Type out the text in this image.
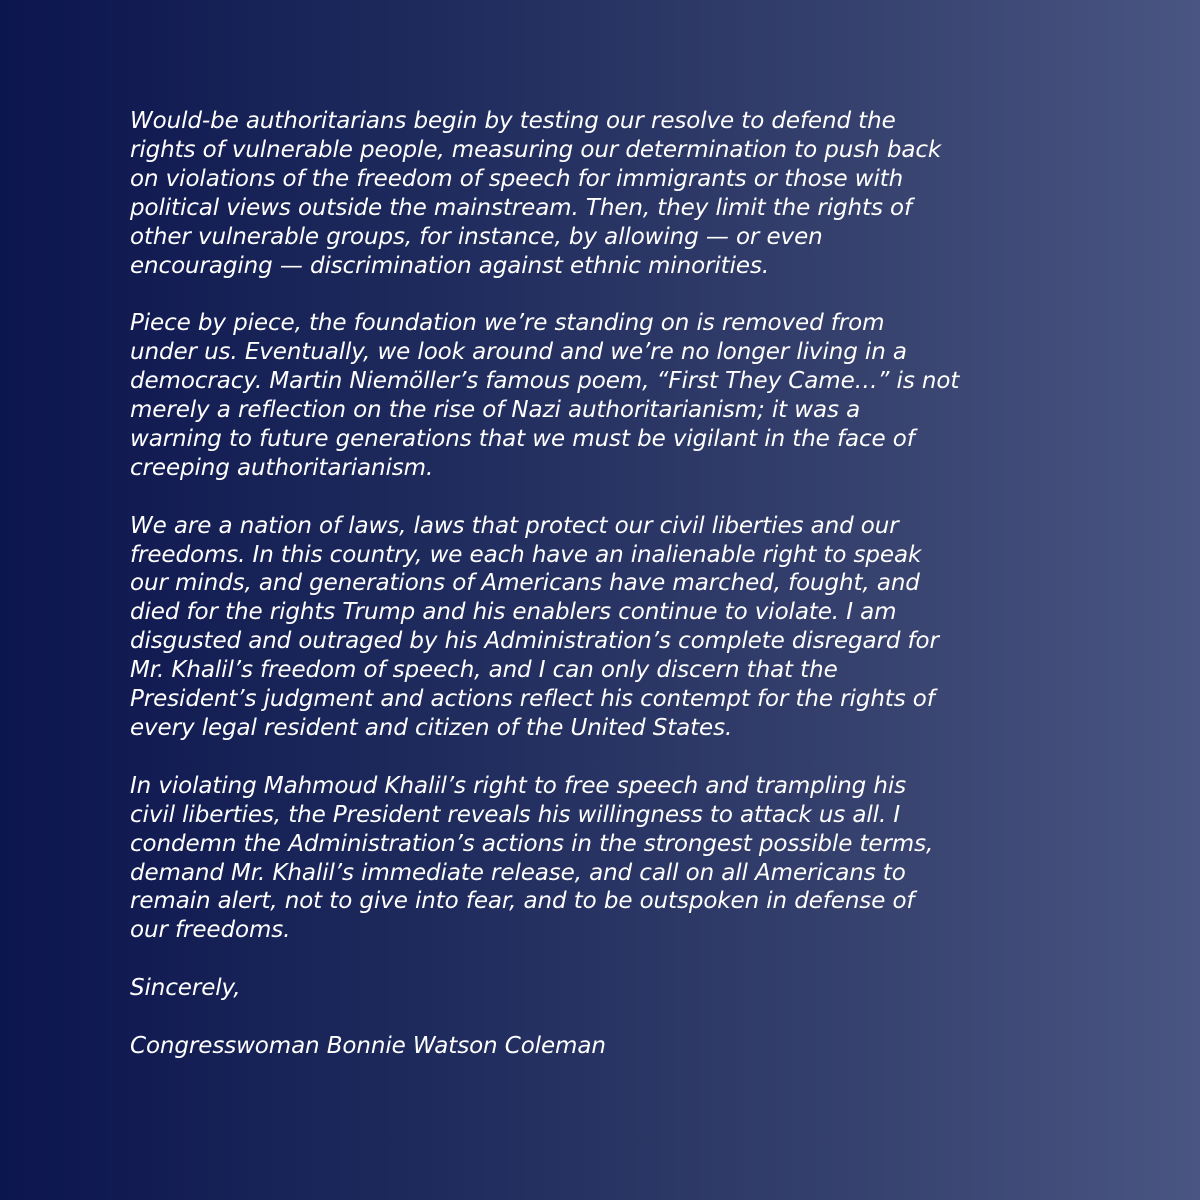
Would-be authoritarians begin by testing our resolve to defend the
rights of vulnerable people, measuring our determination to push back
on violations of the freedom of speech for immigrants or those with
political views outside the mainstream. Then, they limit the rights of
other vulnerable groups, for instance, by allowing — or even
encouraging — discrimination against ethnic minorities.

Piece by piece, the foundation we’re standing on is removed from
under us. Eventually, we look around and we’re no longer living in a
democracy. Martin Niemöller’s famous poem, “First They Came…” is not
merely a reflection on the rise of Nazi authoritarianism; it was a
warning to future generations that we must be vigilant in the face of
creeping authoritarianism.

We are a nation of laws, laws that protect our civil liberties and our
freedoms. In this country, we each have an inalienable right to speak
our minds, and generations of Americans have marched, fought, and
died for the rights Trump and his enablers continue to violate. I am
disgusted and outraged by his Administration’s complete disregard for
Mr. Khalil’s freedom of speech, and I can only discern that the
President’s judgment and actions reflect his contempt for the rights of
every legal resident and citizen of the United States.

In violating Mahmoud Khalil’s right to free speech and trampling his
civil liberties, the President reveals his willingness to attack us all. I
condemn the Administration’s actions in the strongest possible terms,
demand Mr. Khalil’s immediate release, and call on all Americans to
remain alert, not to give into fear, and to be outspoken in defense of
our freedoms.

Sincerely,

Congresswoman Bonnie Watson Coleman
